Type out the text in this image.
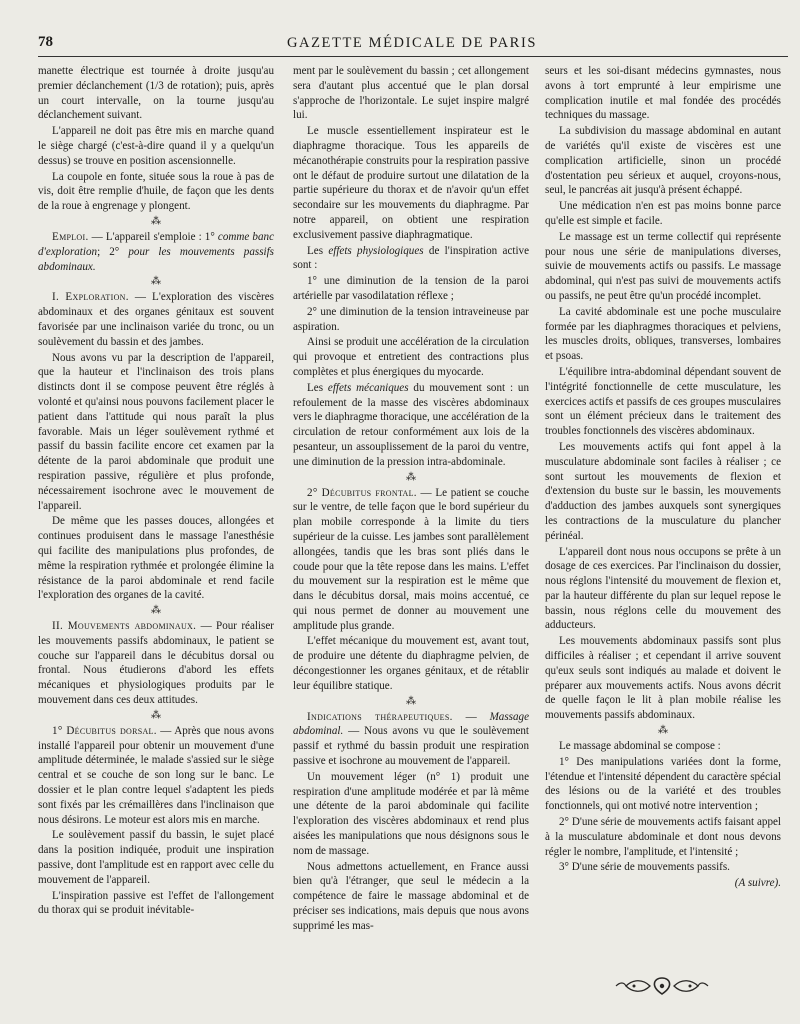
78	GAZETTE MÉDICALE DE PARIS

manette électrique est tournée à droite jusqu'au premier déclanchement (1/3 de rotation); puis, après un court intervalle, on la tourne jusqu'au déclanchement suivant.

L'appareil ne doit pas être mis en marche quand le siège chargé (c'est-à-dire quand il y a quelqu'un dessus) se trouve en position ascensionnelle.

La coupole en fonte, située sous la roue à pas de vis, doit être remplie d'huile, de façon que les dents de la roue à engrenage y plongent.

⁂

Emploi. — L'appareil s'emploie : 1° comme banc d'exploration; 2° pour les mouvements passifs abdominaux.

⁂

I. Exploration. — L'exploration des viscères abdominaux et des organes génitaux est souvent favorisée par une inclinaison variée du tronc, ou un soulèvement du bassin et des jambes.

Nous avons vu par la description de l'appareil, que la hauteur et l'inclinaison des trois plans distincts dont il se compose peuvent être réglés à volonté et qu'ainsi nous pouvons facilement placer le patient dans l'attitude qui nous paraît la plus favorable. Mais un léger soulèvement rythmé et passif du bassin facilite encore cet examen par la détente de la paroi abdominale que produit une respiration passive, régulière et plus profonde, nécessairement isochrone avec le mouvement de l'appareil.

De même que les passes douces, allongées et continues produisent dans le massage l'anesthésie qui facilite des manipulations plus profondes, de même la respiration rythmée et prolongée élimine la résistance de la paroi abdominale et rend facile l'exploration des organes de la cavité.

⁂

II. Mouvements abdominaux. — Pour réaliser les mouvements passifs abdominaux, le patient se couche sur l'appareil dans le décubitus dorsal ou frontal. Nous étudierons d'abord les effets mécaniques et physiologiques produits par le mouvement dans ces deux attitudes.

⁂

1° Décubitus dorsal. — Après que nous avons installé l'appareil pour obtenir un mouvement d'une amplitude déterminée, le malade s'assied sur le siège central et se couche de son long sur le banc. Le dossier et le plan contre lequel s'adaptent les pieds sont fixés par les crémaillères dans l'inclinaison que nous désirons. Le moteur est alors mis en marche.

Le soulèvement passif du bassin, le sujet placé dans la position indiquée, produit une inspiration passive, dont l'amplitude est en rapport avec celle du mouvement de l'appareil.

L'inspiration passive est l'effet de l'allongement du thorax qui se produit inévitable-

ment par le soulèvement du bassin ; cet allongement sera d'autant plus accentué que le plan dorsal s'approche de l'horizontale. Le sujet inspire malgré lui.

Le muscle essentiellement inspirateur est le diaphragme thoracique. Tous les appareils de mécanothérapie construits pour la respiration passive ont le défaut de produire surtout une dilatation de la partie supérieure du thorax et de n'avoir qu'un effet secondaire sur les mouvements du diaphragme. Par notre appareil, on obtient une respiration exclusivement passive diaphragmatique.

Les effets physiologiques de l'inspiration active sont :

1° une diminution de la tension de la paroi artérielle par vasodilatation réflexe ;

2° une diminution de la tension intraveineuse par aspiration.

Ainsi se produit une accélération de la circulation qui provoque et entretient des contractions plus complètes et plus énergiques du myocarde.

Les effets mécaniques du mouvement sont : un refoulement de la masse des viscères abdominaux vers le diaphragme thoracique, une accélération de la circulation de retour conformément aux lois de la pesanteur, un assouplissement de la paroi du ventre, une diminution de la pression intra-abdominale.

⁂

2° Décubitus frontal. — Le patient se couche sur le ventre, de telle façon que le bord supérieur du plan mobile corresponde à la limite du tiers supérieur de la cuisse. Les jambes sont parallèlement allongées, tandis que les bras sont pliés dans le coude pour que la tête repose dans les mains. L'effet du mouvement sur la respiration est le même que dans le décubitus dorsal, mais moins accentué, ce qui nous permet de donner au mouvement une amplitude plus grande.

L'effet mécanique du mouvement est, avant tout, de produire une détente du diaphragme pelvien, de décongestionner les organes génitaux, et de rétablir leur équilibre statique.

⁂

Indications thérapeutiques. — Massage abdominal. — Nous avons vu que le soulèvement passif et rythmé du bassin produit une respiration passive et isochrone au mouvement de l'appareil.

Un mouvement léger (n° 1) produit une respiration d'une amplitude modérée et par là même une détente de la paroi abdominale qui facilite l'exploration des viscères abdominaux et rend plus aisées les manipulations que nous désignons sous le nom de massage.

Nous admettons actuellement, en France aussi bien qu'à l'étranger, que seul le médecin a la compétence de faire le massage abdominal et de préciser ses indications, mais depuis que nous avons supprimé les mas-

seurs et les soi-disant médecins gymnastes, nous avons à tort emprunté à leur empirisme une complication inutile et mal fondée des procédés techniques du massage.

La subdivision du massage abdominal en autant de variétés qu'il existe de viscères est une complication artificielle, sinon un procédé d'ostentation peu sérieux et auquel, croyons-nous, seul, le pancréas ait jusqu'à présent échappé.

Une médication n'en est pas moins bonne parce qu'elle est simple et facile.

Le massage est un terme collectif qui représente pour nous une série de manipulations diverses, suivie de mouvements actifs ou passifs. Le massage abdominal, qui n'est pas suivi de mouvements actifs ou passifs, ne peut être qu'un procédé incomplet.

La cavité abdominale est une poche musculaire formée par les diaphragmes thoraciques et pelviens, les muscles droits, obliques, transverses, lombaires et psoas.

L'équilibre intra-abdominal dépendant souvent de l'intégrité fonctionnelle de cette musculature, les exercices actifs et passifs de ces groupes musculaires sont un élément précieux dans le traitement des troubles fonctionnels des viscères abdominaux.

Les mouvements actifs qui font appel à la musculature abdominale sont faciles à réaliser ; ce sont surtout les mouvements de flexion et d'extension du buste sur le bassin, les mouvements d'adduction des jambes auxquels sont synergiques les contractions de la musculature du plancher périnéal.

L'appareil dont nous nous occupons se prête à un dosage de ces exercices. Par l'inclinaison du dossier, nous réglons l'intensité du mouvement de flexion et, par la hauteur différente du plan sur lequel repose le bassin, nous réglons celle du mouvement des adducteurs.

Les mouvements abdominaux passifs sont plus difficiles à réaliser ; et cependant il arrive souvent qu'eux seuls sont indiqués au malade et doivent le préparer aux mouvements actifs. Nous avons décrit de quelle façon le lit à plan mobile réalise les mouvements passifs abdominaux.

⁂

Le massage abdominal se compose :

1° Des manipulations variées dont la forme, l'étendue et l'intensité dépendent du caractère spécial des lésions ou de la variété et des troubles fonctionnels, qui ont motivé notre intervention ;

2° D'une série de mouvements actifs faisant appel à la musculature abdominale et dont nous devons régler le nombre, l'amplitude, et l'intensité ;

3° D'une série de mouvements passifs.

(A suivre).
